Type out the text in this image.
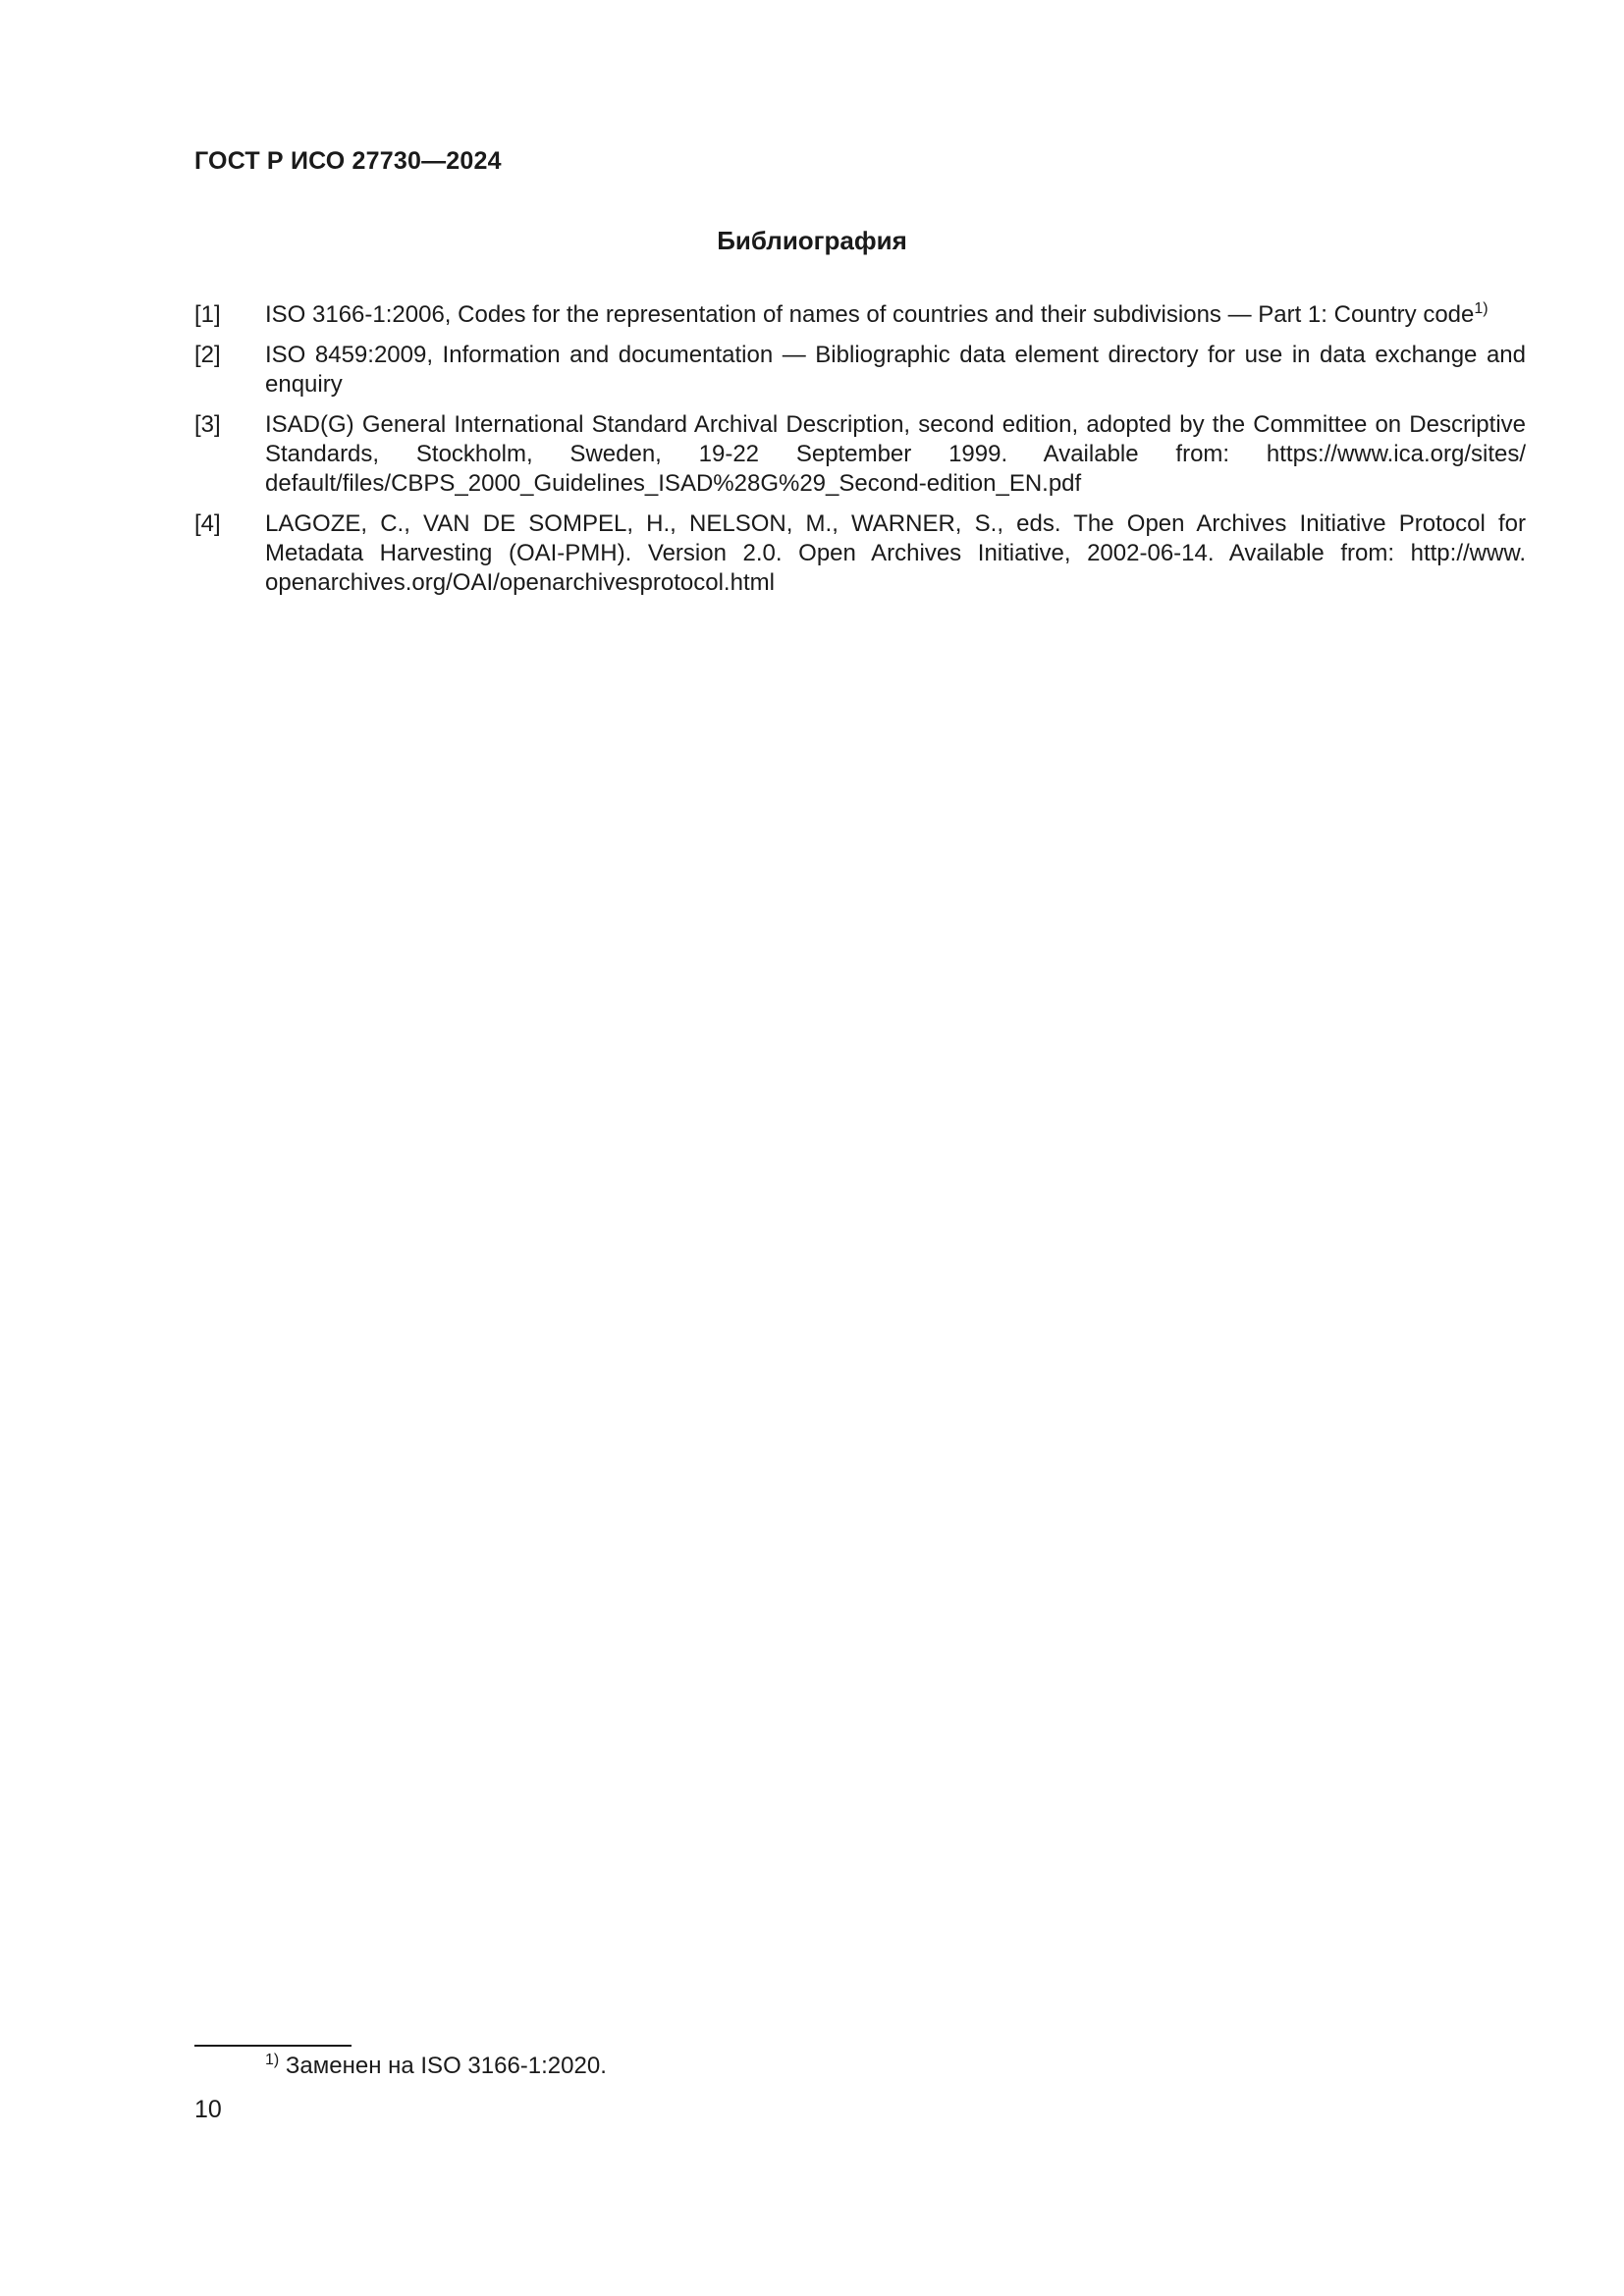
ГОСТ Р ИСО 27730—2024
Библиография
[1]	ISO 3166-1:2006, Codes for the representation of names of countries and their subdivisions — Part 1: Country code$^{1)}$
[2]	ISO 8459:2009, Information and documentation — Bibliographic data element directory for use in data exchange and enquiry
[3]	ISAD(G) General International Standard Archival Description, second edition, adopted by the Committee on Descriptive Standards, Stockholm, Sweden, 19-22 September 1999. Available from: https://www.ica.org/sites/ default/files/CBPS_2000_Guidelines_ISAD%28G%29_Second-edition_EN.pdf
[4]	LAGOZE, C., VAN DE SOMPEL, H., NELSON, M., WARNER, S., eds. The Open Archives Initiative Protocol for Metadata Harvesting (OAI-PMH). Version 2.0. Open Archives Initiative, 2002-06-14. Available from: http://www. openarchives.org/OAI/openarchivesprotocol.html
$^{1)}$ Заменен на ISO 3166-1:2020.
10
